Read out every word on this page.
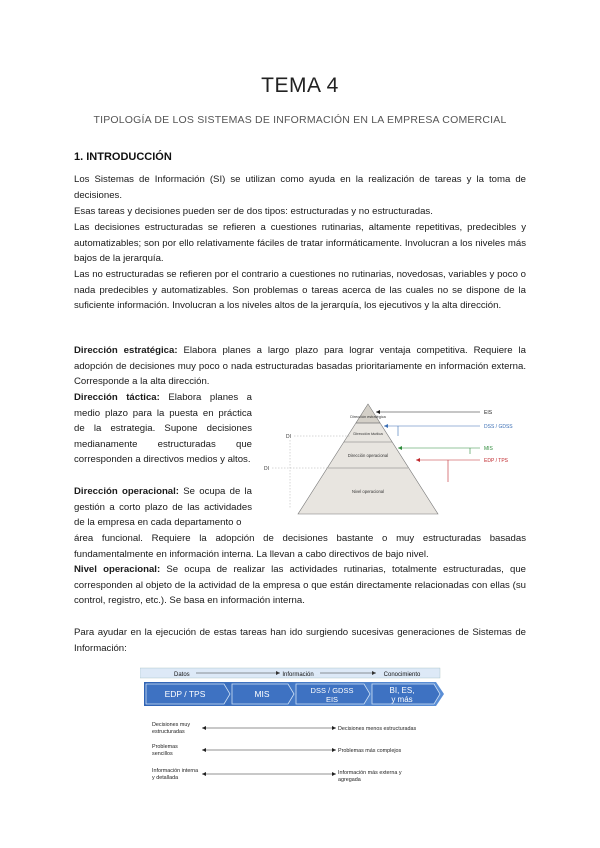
TEMA 4
TIPOLOGÍA DE LOS SISTEMAS DE INFORMACIÓN EN LA EMPRESA COMERCIAL
1. INTRODUCCIÓN
Los Sistemas de Información (SI) se utilizan como ayuda en la realización de tareas y la toma de decisiones.
Esas tareas y decisiones pueden ser de dos tipos: estructuradas y no estructuradas.
Las decisiones estructuradas se refieren a cuestiones rutinarias, altamente repetitivas, predecibles y automatizables; son por ello relativamente fáciles de tratar informáticamente. Involucran a los niveles más bajos de la jerarquía.
Las no estructuradas se refieren por el contrario a cuestiones no rutinarias, novedosas, variables y poco o nada predecibles y automatizables. Son problemas o tareas acerca de las cuales no se dispone de la suficiente información. Involucran a los niveles altos de la jerarquía, los ejecutivos y la alta dirección.
Dirección estratégica: Elabora planes a largo plazo para lograr ventaja competitiva. Requiere la adopción de decisiones muy poco o nada estructuradas basadas prioritariamente en información externa. Corresponde a la alta dirección.
Dirección táctica: Elabora planes a medio plazo para la puesta en práctica de la estrategia. Supone decisiones medianamente estructuradas que corresponden a directivos medios y altos.
Dirección operacional: Se ocupa de la gestión a corto plazo de las actividades de la empresa en cada departamento o
área funcional. Requiere la adopción de decisiones bastante o muy estructuradas basadas fundamentalmente en información interna. La llevan a cabo directivos de bajo nivel.
Nivel operacional: Se ocupa de realizar las actividades rutinarias, totalmente estructuradas, que corresponden al objeto de la actividad de la empresa o que están directamente relacionadas con ellas (su control, registro, etc.). Se basa en información interna.
Para ayudar en la ejecución de estas tareas han ido surgiendo sucesivas generaciones de Sistemas de Información:
Dirección estratégica
Dirección táctica
Dirección operacional
Nivel operacional
DI
DI
EIS
DSS / GDSS
MIS
EDP / TPS
Datos	Información	Conocimiento
EDP / TPS	MIS	DSS / GDSS
EIS
BI, ES,
y más
Decisiones muy
estructuradas	Decisiones menos estructuradas
Problemas
sencillos	Problemas más complejos
Información interna
y detallada
Información más externa y
agregada
